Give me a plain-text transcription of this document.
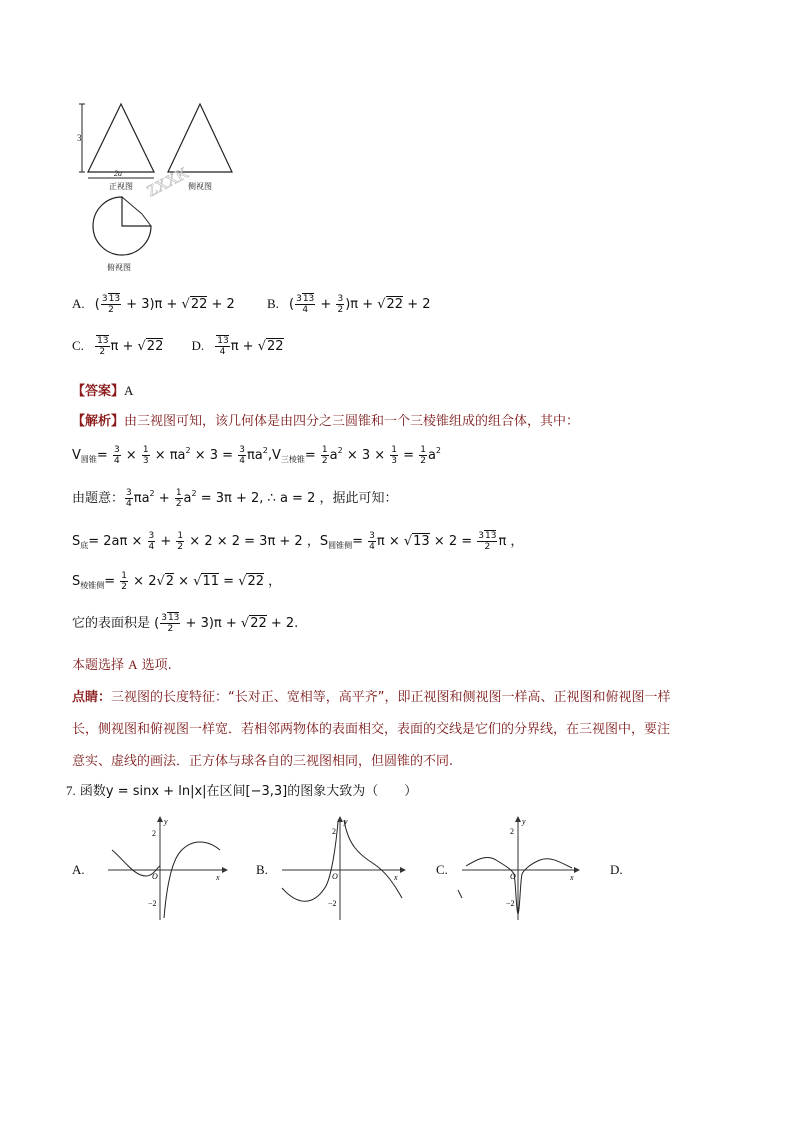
3
2a
正视图	侧视图
ZXXK
俯视图
A. ( $\frac{313}{2} + 3)\pi + √22 + 2$ B. ( $\frac{313}{4} + \frac{3}{2} )\pi + √22 + 2$
C. $\frac{13}{2}$ π + √22 D. $\frac{13}{4}$ π + √22
【答案】A
【解析】由三视图可知，该几何体是由四分之三圆锥和一个三棱锥组成的组合体，其中：
$V_{圆锥}= \frac{3}{4} \times \frac{1}{3} \times \pi a^2 \times 3 = \frac{3}{4} \pi a^2,V_{三棱锥}= \frac{1}{2} a^2 \times 3 \times \frac{1}{3} = \frac{1}{2} a^2$
由题意： $\frac{3}{4} \pi a^2 + \frac{1}{2} a^2 = 3\pi + 2$, ∴ a = 2 ，据此可知：
$S_底= 2a\pi \times \frac{3}{4} + \frac{1}{2} \times 2 \times 2 = 3\pi + 2$ ，$S_{圆锥侧}= \frac{3}{4}$ $\pi \times √13 \times 2 = \frac{313}{2}$ π ，
$S_{棱锥侧}= \frac{1}{2} \times 2√2 \times √11 = √22$ ，
它的表面积是 ( $\frac{313}{2} + 3)\pi + √22 + 2$.
本题选择 A 选项.
点睛：三视图的长度特征：“长对正、宽相等，高平齐”，即正视图和侧视图一样高、正视图和俯视图一样
长，侧视图和俯视图一样宽．若相邻两物体的表面相交，表面的交线是它们的分界线，在三视图中，要注
意实、虚线的画法．正方体与球各自的三视图相同，但圆锥的不同.
7. 函数y = sinx + ln|x|在区间[−3,3]的图象大致为（　　）
A.
y
x
O
2
−2
B.
y
x
O
2
−2
C.
y
x
O
2
−2
D.
